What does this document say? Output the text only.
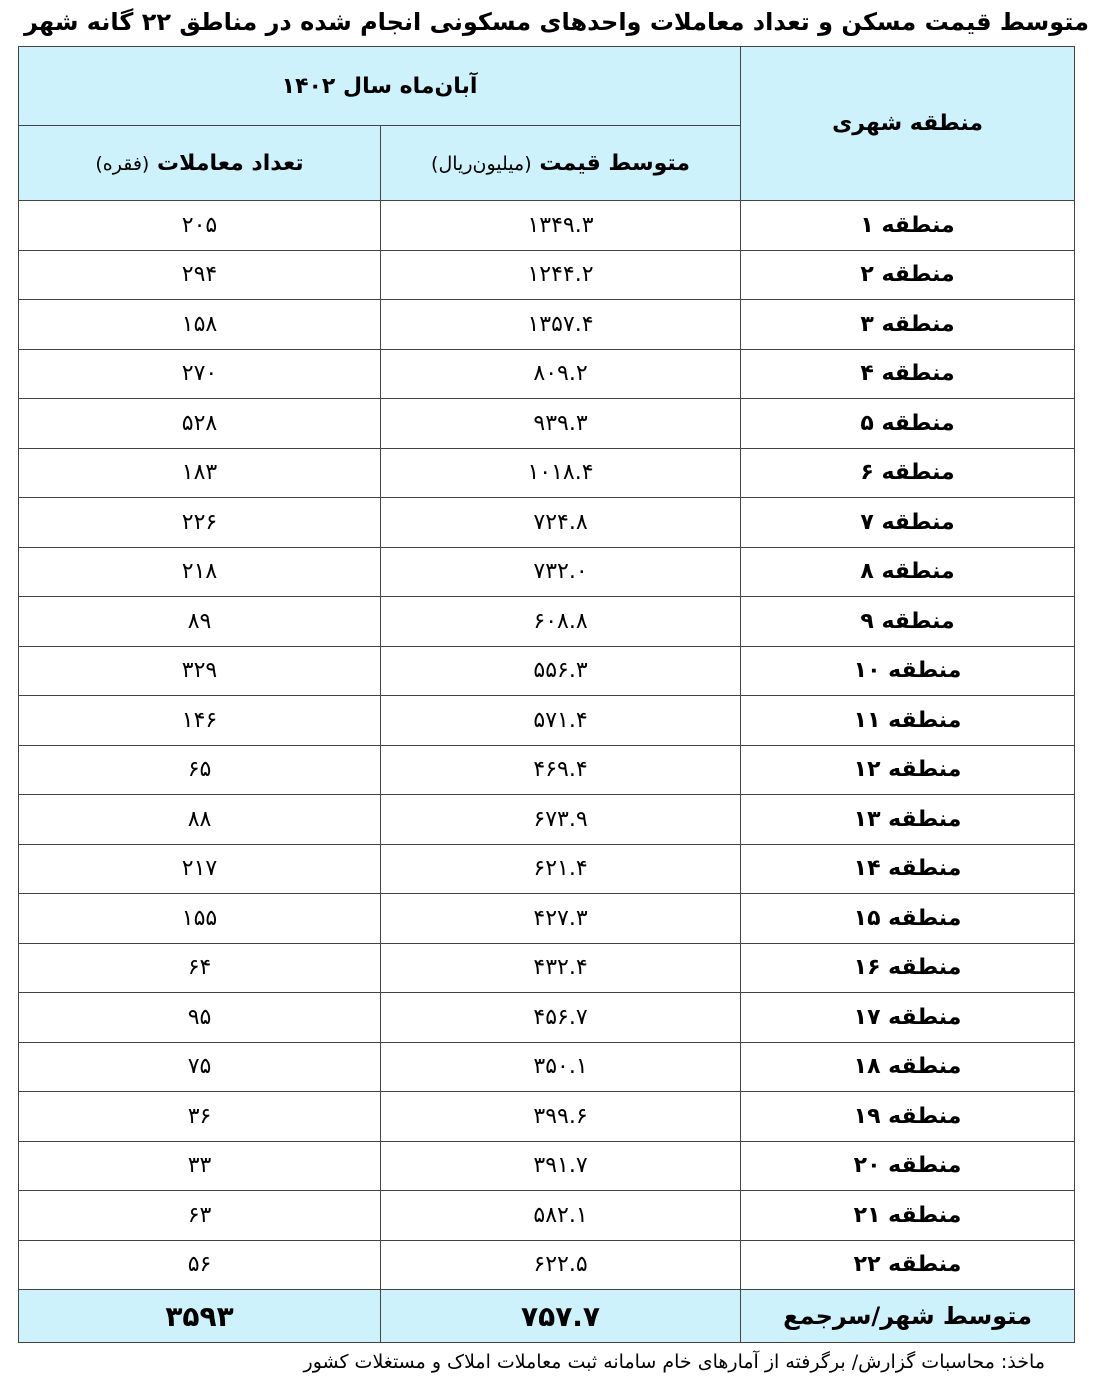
متوسط قیمت مسکن و تعداد معاملات واحدهای مسکونی انجام شده در مناطق ۲۲ گانه شهر
منطقه شهری	آبان‌ماه سال ۱۴۰۲	
	متوسط قیمت (میلیون‌ریال)	تعداد معاملات (فقره)
منطقه ۱	۱۳۴۹.۳	۲۰۵
منطقه ۲	۱۲۴۴.۲	۲۹۴
منطقه ۳	۱۳۵۷.۴	۱۵۸
منطقه ۴	۸۰۹.۲	۲۷۰
منطقه ۵	۹۳۹.۳	۵۲۸
منطقه ۶	۱۰۱۸.۴	۱۸۳
منطقه ۷	۷۲۴.۸	۲۲۶
منطقه ۸	۷۳۲.۰	۲۱۸
منطقه ۹	۶۰۸.۸	۸۹
منطقه ۱۰	۵۵۶.۳	۳۲۹
منطقه ۱۱	۵۷۱.۴	۱۴۶
منطقه ۱۲	۴۶۹.۴	۶۵
منطقه ۱۳	۶۷۳.۹	۸۸
منطقه ۱۴	۶۲۱.۴	۲۱۷
منطقه ۱۵	۴۲۷.۳	۱۵۵
منطقه ۱۶	۴۳۲.۴	۶۴
منطقه ۱۷	۴۵۶.۷	۹۵
منطقه ۱۸	۳۵۰.۱	۷۵
منطقه ۱۹	۳۹۹.۶	۳۶
منطقه ۲۰	۳۹۱.۷	۳۳
منطقه ۲۱	۵۸۲.۱	۶۳
منطقه ۲۲	۶۲۲.۵	۵۶
متوسط شهر/سرجمع	۷۵۷.۷	۳۵۹۳
ماخذ: محاسبات گزارش/ برگرفته از آمارهای خام سامانه ثبت معاملات املاک و مستغلات کشور
